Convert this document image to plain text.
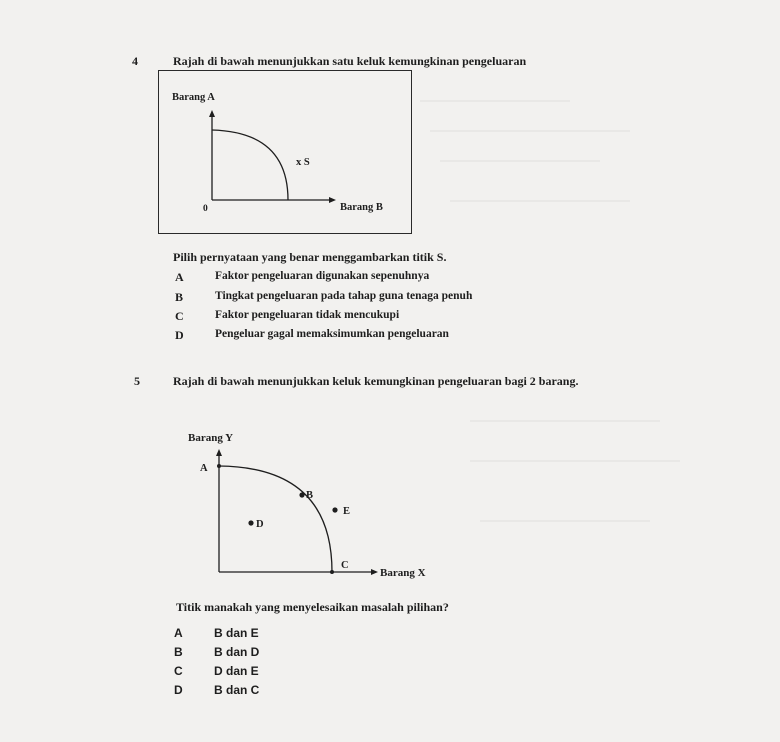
4	Rajah di bawah menunjukkan satu keluk kemungkinan pengeluaran
Barang A
0	Barang B
x S
Pilih pernyataan yang benar menggambarkan titik S.
A	Faktor pengeluaran digunakan sepenuhnya
B	Tingkat pengeluaran pada tahap guna tenaga penuh
C	Faktor pengeluaran tidak mencukupi
D	Pengeluar gagal memaksimumkan pengeluaran
5	Rajah di bawah menunjukkan keluk kemungkinan pengeluaran bagi 2 barang.
Barang Y
Barang X
A
B
E
D
C
Titik manakah yang menyelesaikan masalah pilihan?
A	B dan E
B	B dan D
C	D dan E
D	B dan C
